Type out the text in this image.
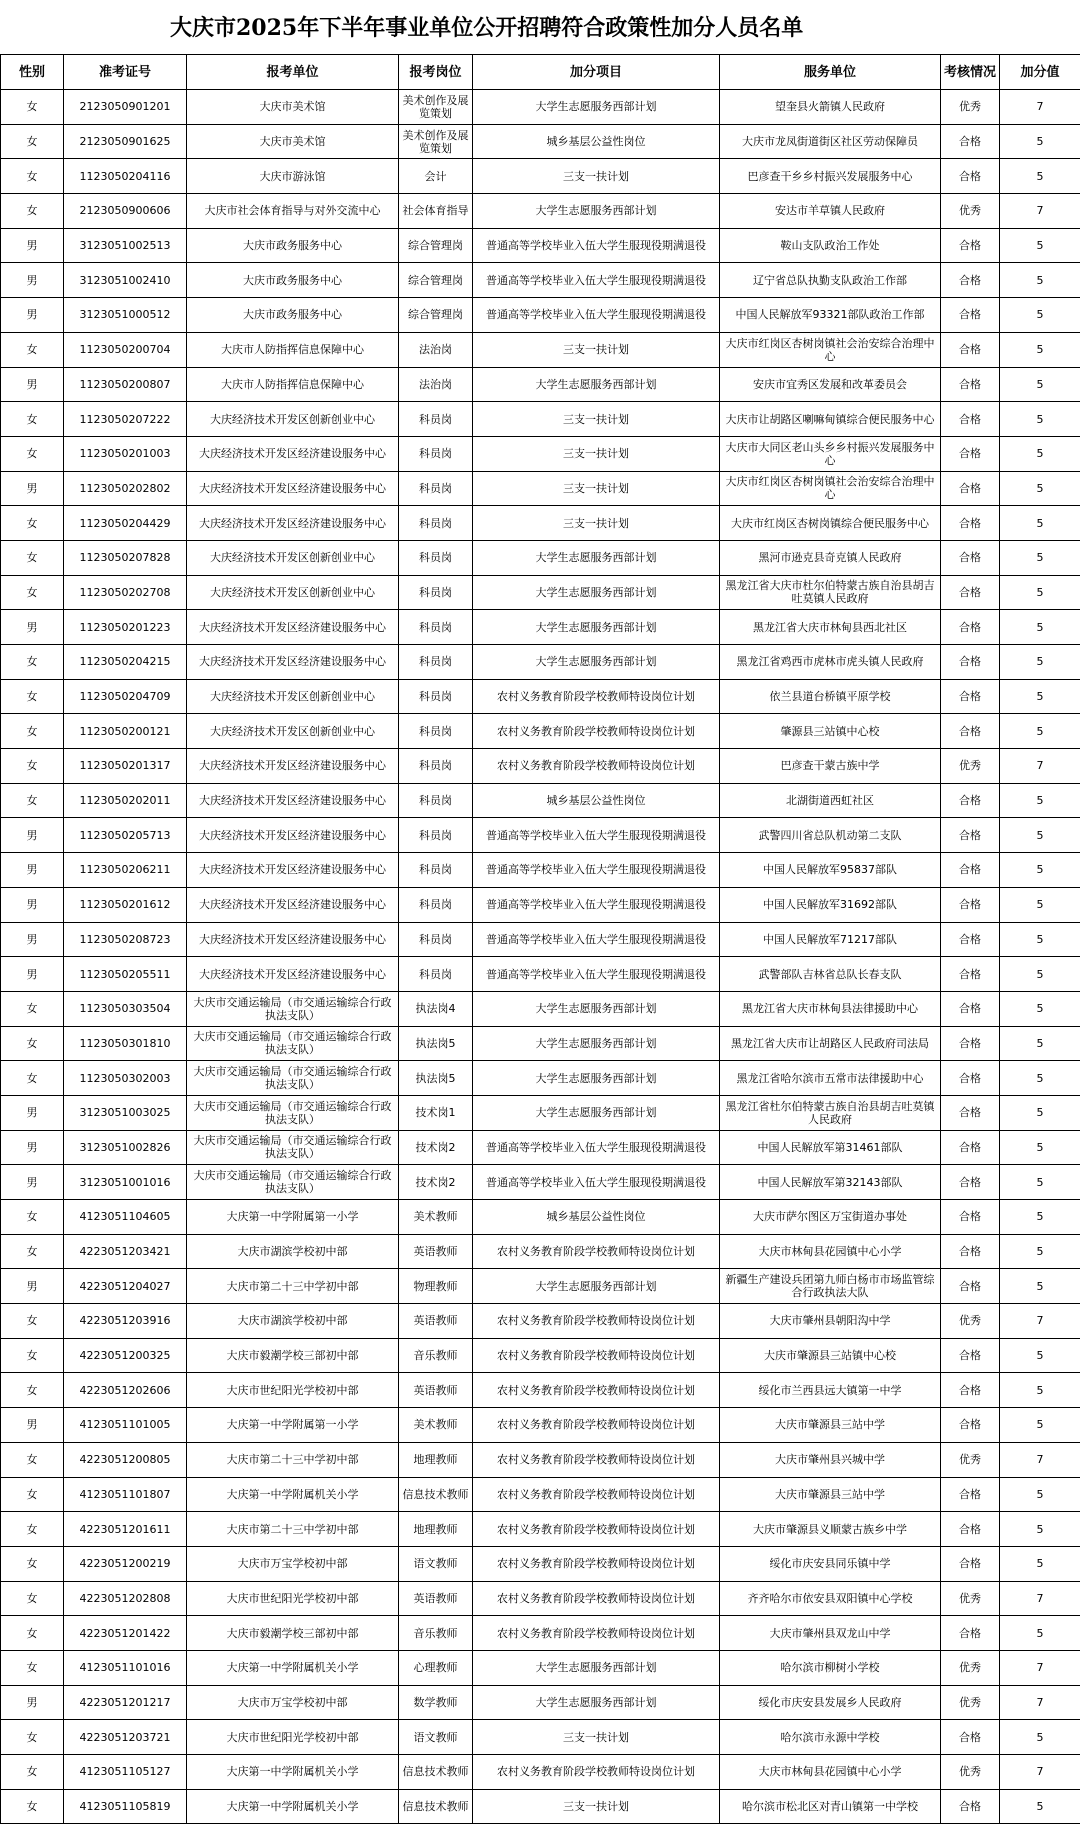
大庆市2025年下半年事业单位公开招聘符合政策性加分人员名单
性别	准考证号	报考单位	报考岗位	加分项目	服务单位	考核情况	加分值
女	2123050901201	大庆市美术馆	美术创作及展览策划	大学生志愿服务西部计划	望奎县火箭镇人民政府	优秀	7
女	2123050901625	大庆市美术馆	美术创作及展览策划	城乡基层公益性岗位	大庆市龙凤街道街区社区劳动保障员	合格	5
女	1123050204116	大庆市游泳馆	会计	三支一扶计划	巴彦查干乡乡村振兴发展服务中心	合格	5
女	2123050900606	大庆市社会体育指导与对外交流中心	社会体育指导	大学生志愿服务西部计划	安达市羊草镇人民政府	优秀	7
男	3123051002513	大庆市政务服务中心	综合管理岗	普通高等学校毕业入伍大学生服现役期满退役	鞍山支队政治工作处	合格	5
男	3123051002410	大庆市政务服务中心	综合管理岗	普通高等学校毕业入伍大学生服现役期满退役	辽宁省总队执勤支队政治工作部	合格	5
男	3123051000512	大庆市政务服务中心	综合管理岗	普通高等学校毕业入伍大学生服现役期满退役	中国人民解放军93321部队政治工作部	合格	5
女	1123050200704	大庆市人防指挥信息保障中心	法治岗	三支一扶计划	大庆市红岗区杏树岗镇社会治安综合治理中心	合格	5
男	1123050200807	大庆市人防指挥信息保障中心	法治岗	大学生志愿服务西部计划	安庆市宜秀区发展和改革委员会	合格	5
女	1123050207222	大庆经济技术开发区创新创业中心	科员岗	三支一扶计划	大庆市让胡路区喇嘛甸镇综合便民服务中心	合格	5
女	1123050201003	大庆经济技术开发区经济建设服务中心	科员岗	三支一扶计划	大庆市大同区老山头乡乡村振兴发展服务中心	合格	5
男	1123050202802	大庆经济技术开发区经济建设服务中心	科员岗	三支一扶计划	大庆市红岗区杏树岗镇社会治安综合治理中心	合格	5
女	1123050204429	大庆经济技术开发区经济建设服务中心	科员岗	三支一扶计划	大庆市红岗区杏树岗镇综合便民服务中心	合格	5
女	1123050207828	大庆经济技术开发区创新创业中心	科员岗	大学生志愿服务西部计划	黑河市逊克县奇克镇人民政府	合格	5
女	1123050202708	大庆经济技术开发区创新创业中心	科员岗	大学生志愿服务西部计划	黑龙江省大庆市杜尔伯特蒙古族自治县胡吉吐莫镇人民政府	合格	5
男	1123050201223	大庆经济技术开发区经济建设服务中心	科员岗	大学生志愿服务西部计划	黑龙江省大庆市林甸县西北社区	合格	5
女	1123050204215	大庆经济技术开发区经济建设服务中心	科员岗	大学生志愿服务西部计划	黑龙江省鸡西市虎林市虎头镇人民政府	合格	5
女	1123050204709	大庆经济技术开发区创新创业中心	科员岗	农村义务教育阶段学校教师特设岗位计划	依兰县道台桥镇平原学校	合格	5
女	1123050200121	大庆经济技术开发区创新创业中心	科员岗	农村义务教育阶段学校教师特设岗位计划	肇源县三站镇中心校	合格	5
女	1123050201317	大庆经济技术开发区经济建设服务中心	科员岗	农村义务教育阶段学校教师特设岗位计划	巴彦查干蒙古族中学	优秀	7
女	1123050202011	大庆经济技术开发区经济建设服务中心	科员岗	城乡基层公益性岗位	北湖街道西虹社区	合格	5
男	1123050205713	大庆经济技术开发区经济建设服务中心	科员岗	普通高等学校毕业入伍大学生服现役期满退役	武警四川省总队机动第二支队	合格	5
男	1123050206211	大庆经济技术开发区经济建设服务中心	科员岗	普通高等学校毕业入伍大学生服现役期满退役	中国人民解放军95837部队	合格	5
男	1123050201612	大庆经济技术开发区经济建设服务中心	科员岗	普通高等学校毕业入伍大学生服现役期满退役	中国人民解放军31692部队	合格	5
男	1123050208723	大庆经济技术开发区经济建设服务中心	科员岗	普通高等学校毕业入伍大学生服现役期满退役	中国人民解放军71217部队	合格	5
男	1123050205511	大庆经济技术开发区经济建设服务中心	科员岗	普通高等学校毕业入伍大学生服现役期满退役	武警部队吉林省总队长春支队	合格	5
女	1123050303504	大庆市交通运输局（市交通运输综合行政执法支队）	执法岗4	大学生志愿服务西部计划	黑龙江省大庆市林甸县法律援助中心	合格	5
女	1123050301810	大庆市交通运输局（市交通运输综合行政执法支队）	执法岗5	大学生志愿服务西部计划	黑龙江省大庆市让胡路区人民政府司法局	合格	5
女	1123050302003	大庆市交通运输局（市交通运输综合行政执法支队）	执法岗5	大学生志愿服务西部计划	黑龙江省哈尔滨市五常市法律援助中心	合格	5
男	3123051003025	大庆市交通运输局（市交通运输综合行政执法支队）	技术岗1	大学生志愿服务西部计划	黑龙江省杜尔伯特蒙古族自治县胡吉吐莫镇人民政府	合格	5
男	3123051002826	大庆市交通运输局（市交通运输综合行政执法支队）	技术岗2	普通高等学校毕业入伍大学生服现役期满退役	中国人民解放军第31461部队	合格	5
男	3123051001016	大庆市交通运输局（市交通运输综合行政执法支队）	技术岗2	普通高等学校毕业入伍大学生服现役期满退役	中国人民解放军第32143部队	合格	5
女	4123051104605	大庆第一中学附属第一小学	美术教师	城乡基层公益性岗位	大庆市萨尔图区万宝街道办事处	合格	5
女	4223051203421	大庆市湖滨学校初中部	英语教师	农村义务教育阶段学校教师特设岗位计划	大庆市林甸县花园镇中心小学	合格	5
男	4223051204027	大庆市第二十三中学初中部	物理教师	大学生志愿服务西部计划	新疆生产建设兵团第九师白杨市市场监管综合行政执法大队	合格	5
女	4223051203916	大庆市湖滨学校初中部	英语教师	农村义务教育阶段学校教师特设岗位计划	大庆市肇州县朝阳沟中学	优秀	7
女	4223051200325	大庆市毅潮学校三部初中部	音乐教师	农村义务教育阶段学校教师特设岗位计划	大庆市肇源县三站镇中心校	合格	5
女	4223051202606	大庆市世纪阳光学校初中部	英语教师	农村义务教育阶段学校教师特设岗位计划	绥化市兰西县远大镇第一中学	合格	5
男	4123051101005	大庆第一中学附属第一小学	美术教师	农村义务教育阶段学校教师特设岗位计划	大庆市肇源县三站中学	合格	5
女	4223051200805	大庆市第二十三中学初中部	地理教师	农村义务教育阶段学校教师特设岗位计划	大庆市肇州县兴城中学	优秀	7
女	4123051101807	大庆第一中学附属机关小学	信息技术教师	农村义务教育阶段学校教师特设岗位计划	大庆市肇源县三站中学	合格	5
女	4223051201611	大庆市第二十三中学初中部	地理教师	农村义务教育阶段学校教师特设岗位计划	大庆市肇源县义顺蒙古族乡中学	合格	5
女	4223051200219	大庆市万宝学校初中部	语文教师	农村义务教育阶段学校教师特设岗位计划	绥化市庆安县同乐镇中学	合格	5
女	4223051202808	大庆市世纪阳光学校初中部	英语教师	农村义务教育阶段学校教师特设岗位计划	齐齐哈尔市依安县双阳镇中心学校	优秀	7
女	4223051201422	大庆市毅潮学校三部初中部	音乐教师	农村义务教育阶段学校教师特设岗位计划	大庆市肇州县双龙山中学	合格	5
女	4123051101016	大庆第一中学附属机关小学	心理教师	大学生志愿服务西部计划	哈尔滨市柳树小学校	优秀	7
男	4223051201217	大庆市万宝学校初中部	数学教师	大学生志愿服务西部计划	绥化市庆安县发展乡人民政府	优秀	7
女	4223051203721	大庆市世纪阳光学校初中部	语文教师	三支一扶计划	哈尔滨市永源中学校	合格	5
女	4123051105127	大庆第一中学附属机关小学	信息技术教师	农村义务教育阶段学校教师特设岗位计划	大庆市林甸县花园镇中心小学	优秀	7
女	4123051105819	大庆第一中学附属机关小学	信息技术教师	三支一扶计划	哈尔滨市松北区对青山镇第一中学校	合格	5
